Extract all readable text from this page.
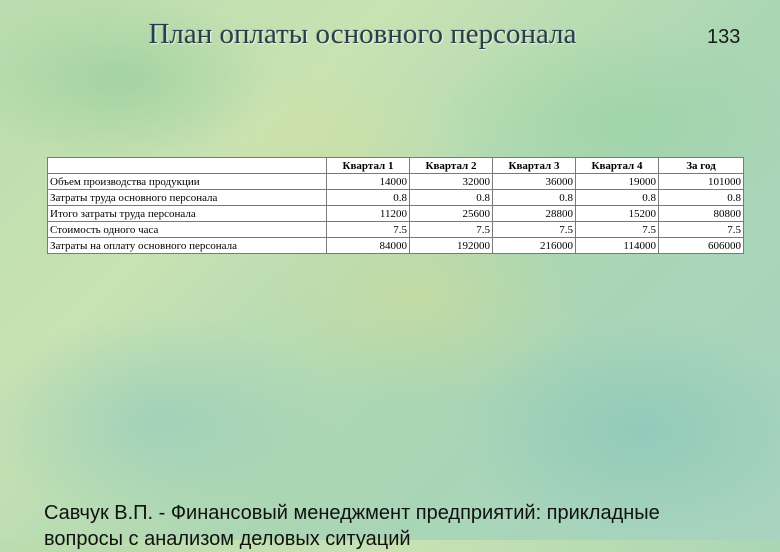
План оплаты основного персонала	133
	Квартал 1	Квартал 2	Квартал 3	Квартал 4	За год
Объем производства продукции	14000	32000	36000	19000	101000
Затраты труда основного персонала	0.8	0.8	0.8	0.8	0.8
Итого затраты труда персонала	11200	25600	28800	15200	80800
Стоимость одного часа	7.5	7.5	7.5	7.5	7.5
Затраты на оплату основного персонала	84000	192000	216000	114000	606000
Савчук В.П. - Финансовый менеджмент предприятий: прикладные вопросы с анализом деловых ситуаций
